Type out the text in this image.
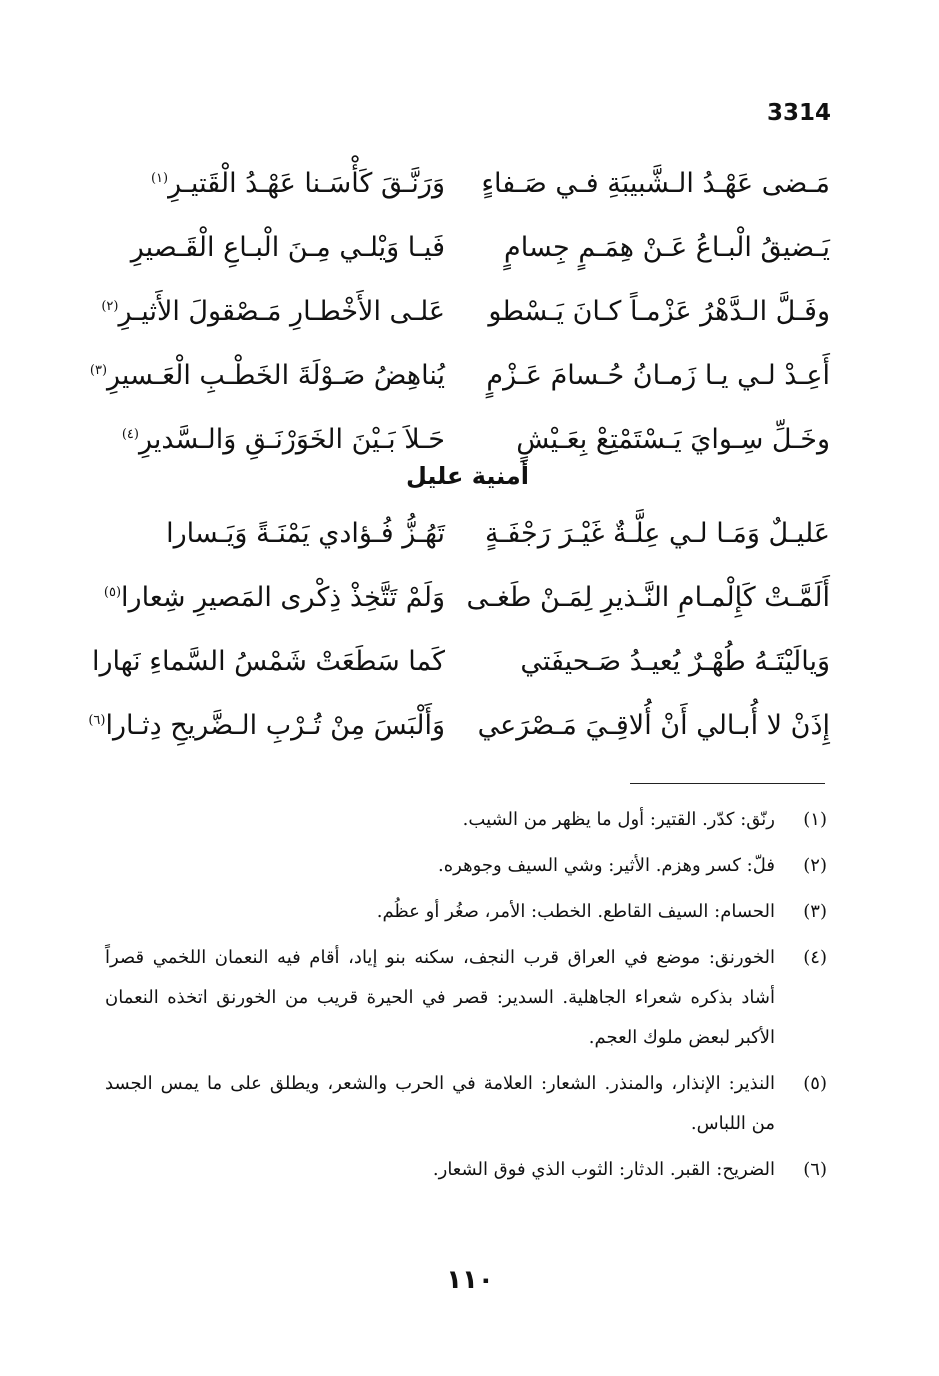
3314
مَـضى عَهْـدُ الـشَّبيبَةِ فـي صَـفاءٍ
وَرَنَّـقَ كَأْسَـنا عَهْـدُ الْقَتيـرِ$^{(١)}$
يَـضيقُ الْبـاعُ عَـنْ هِمَـمٍ جِسامٍ
فَيـا وَيْلـي مِـنَ الْبـاعِ الْقَـصيرِ
وفَـلَّ الـدَّهْرُ عَزْمـاً كـانَ يَـسْطو
عَلـى الأَخْطـارِ مَـصْقولَ الأَثيـرِ$^{(٢)}$
أَعِـدْ لـي يـا زَمـانُ حُـسامَ عَـزْمٍ
يُناهِضُ صَـوْلَةَ الخَطْـبِ الْعَـسيرِ$^{(٣)}$
وخَـلِّ سِـوايَ يَـسْتَمْتِعْ بِعَـيْشٍ
حَـلاَ بَـيْنَ الخَوَرْنَـقِ وَالـسَّديرِ$^{(٤)}$
أمنية عليل
عَليـلٌ وَمَـا لـي عِلَّـةٌ غَيْـرَ رَجْفَـةٍ
تَهُـزُّ فُـؤادي يَمْنَـةً وَيَـسارا
أَلَمَّـتْ كَإِلْمـامِ النَّـذيرِ لِمَـنْ طَغـى
وَلَمْ تَتَّخِذْ ذِكْرى المَصيرِ شِعارا$^{(٥)}$
وَيالَيْتَـهُ طُهْـرٌ يُعيـدُ صَـحيفَتي
كَما سَطَعَتْ شَمْسُ السَّماءِ نَهارا
إِذَنْ لا أُبـالي أَنْ أُلاقِـيَ مَـصْرَعي
وَأَلْبَسَ مِنْ تُـرْبِ الـضَّريحِ دِثـارا$^{(٦)}$
(١)
رنّق: كدّر. القتير: أول ما يظهر من الشيب.
(٢)
فلّ: كسر وهزم. الأثير: وشي السيف وجوهره.
(٣)
الحسام: السيف القاطع. الخطب: الأمر، صغُر أو عظُم.
(٤)
الخورنق: موضع في العراق قرب النجف، سكنه بنو إياد، أقام فيه النعمان اللخمي قصراً أشاد بذكره شعراء الجاهلية. السدير: قصر في الحيرة قريب من الخورنق اتخذه النعمان الأكبر لبعض ملوك العجم.
(٥)
النذير: الإنذار، والمنذر. الشعار: العلامة في الحرب والشعر، ويطلق على ما يمس الجسد من اللباس.
(٦)
الضريح: القبر. الدثار: الثوب الذي فوق الشعار.
١١٠
